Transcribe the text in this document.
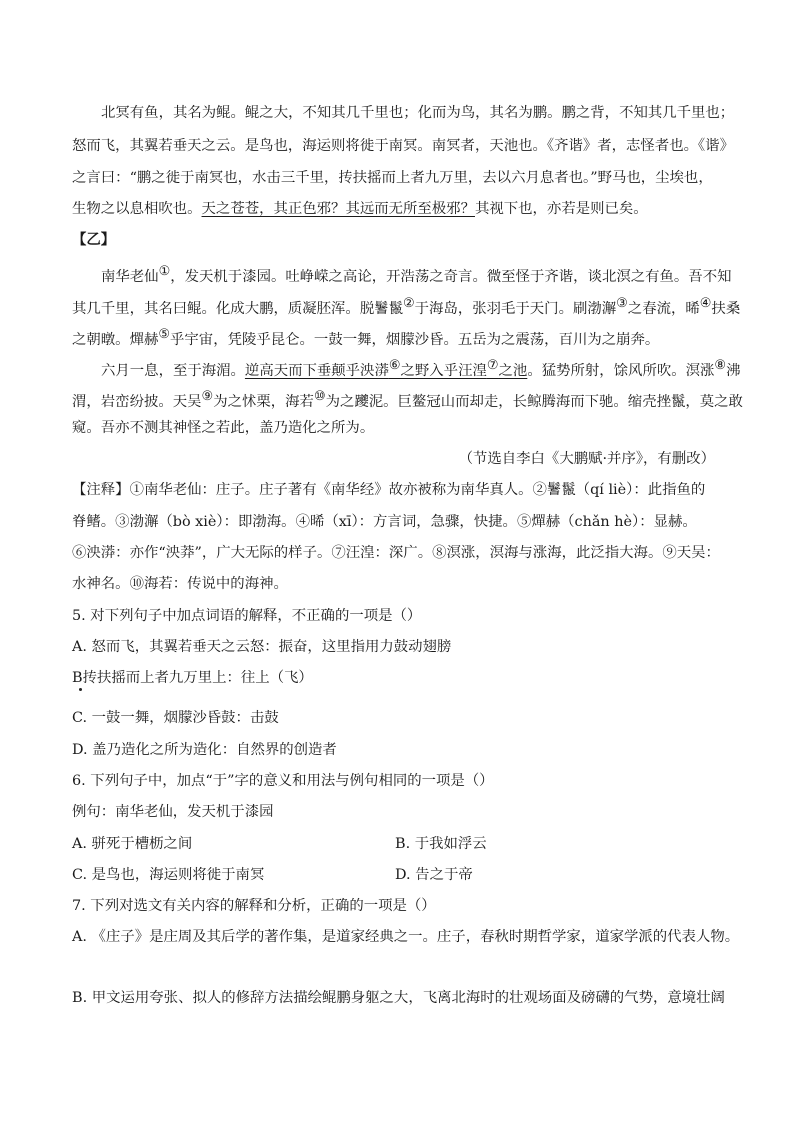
北冥有鱼，其名为鲲。鲲之大，不知其几千里也；化而为鸟，其名为鹏。鹏之背，不知其几千里也；
怒而飞，其翼若垂天之云。是鸟也，海运则将徙于南冥。南冥者，天池也。《齐谐》者，志怪者也。《谐》
之言曰：“鹏之徙于南冥也，水击三千里，抟扶摇而上者九万里，去以六月息者也。”野马也，尘埃也，
生物之以息相吹也。天之苍苍，其正色邪？其远而无所至极邪？其视下也，亦若是则已矣。
【乙】
南华老仙①，发天机于漆园。吐峥嵘之高论，开浩荡之奇言。微至怪于齐谐，谈北溟之有鱼。吾不知
其几千里，其名曰鲲。化成大鹏，质凝胚浑。脱鬐鬣②于海岛，张羽毛于天门。刷渤澥③之春流，晞④扶桑
之朝暾。燀赫⑤乎宇宙，凭陵乎昆仑。一鼓一舞，烟朦沙昏。五岳为之震荡，百川为之崩奔。
六月一息，至于海湄。逆高天而下垂颠乎泱漭⑥之野入乎汪湟⑦之池。猛势所射，馀风所吹。溟涨⑧沸
渭，岩峦纷披。天吴⑨为之怵栗，海若⑩为之躨泥。巨鳌冠山而却走，长鲸腾海而下驰。缩壳挫鬣，莫之敢
窥。吾亦不测其神怪之若此，盖乃造化之所为。
（节选自李白《大鹏赋·并序》，有删改）
【注释】①南华老仙：庄子。庄子著有《南华经》故亦被称为南华真人。②鬐鬣（qí liè）：此指鱼的
脊鳍。③渤澥（bò xiè）：即渤海。④晞（xī）：方言词，急骤，快捷。⑤燀赫（chǎn hè）：显赫。
⑥泱漭：亦作“泱莽”，广大无际的样子。⑦汪湟：深广。⑧溟涨，溟海与涨海，此泛指大海。⑨天吴：
水神名。⑩海若：传说中的海神。
5. 对下列句子中加点词语的解释，不正确的一项是（）
A. 怒而飞，其翼若垂天之云怒：振奋，这里指用力鼓动翅膀
B抟扶摇而上者九万里上：往上（飞）
C. 一鼓一舞，烟朦沙昏鼓：击鼓
D. 盖乃造化之所为造化：自然界的创造者
6. 下列句子中，加点“于”字的意义和用法与例句相同的一项是（）
例句：南华老仙，发天机于漆园
A. 骈死于槽枥之间	B. 于我如浮云
C. 是鸟也，海运则将徙于南冥	D. 告之于帝
7. 下列对选文有关内容的解释和分析，正确的一项是（）
A. 《庄子》是庄周及其后学的著作集，是道家经典之一。庄子，春秋时期哲学家，道家学派的代表人物。
B. 甲文运用夸张、拟人的修辞方法描绘鲲鹏身躯之大，飞离北海时的壮观场面及磅礴的气势，意境壮阔
